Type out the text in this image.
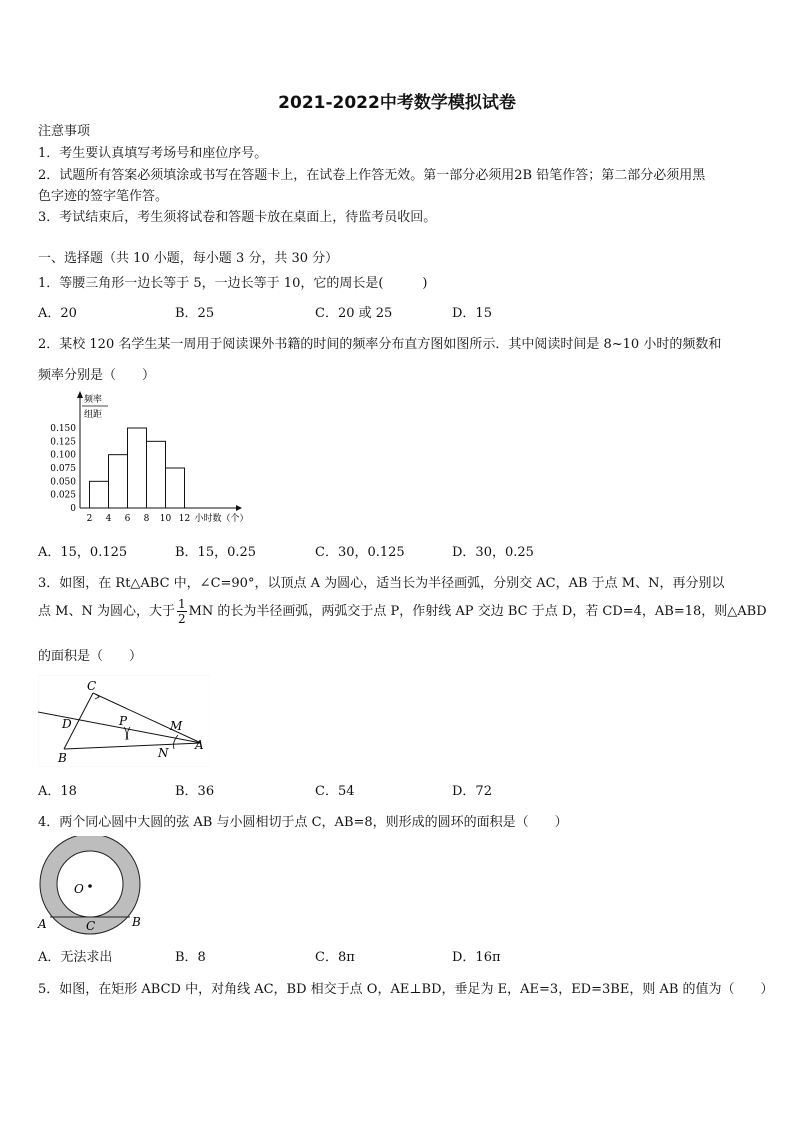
2021-2022中考数学模拟试卷
注意事项
1．考生要认真填写考场号和座位序号。
2．试题所有答案必须填涂或书写在答题卡上，在试卷上作答无效。第一部分必须用2B 铅笔作答；第二部分必须用黑
色字迹的签字笔作答。
3．考试结束后，考生须将试卷和答题卡放在桌面上，待监考员收回。
一、选择题（共 10 小题，每小题 3 分，共 30 分）
1．等腰三角形一边长等于 5，一边长等于 10，它的周长是(　　　)
A．20	B．25	C．20 或 25	D．15
2．某校 120 名学生某一周用于阅读课外书籍的时间的频率分布直方图如图所示．其中阅读时间是 8~10 小时的频数和
频率分别是（　　）
频率
组距
0
0.025
0.050
0.075
0.100
0.125
0.150
2 4 6 8 10 12 小时数（个）
A．15，0.125	B．15，0.25	C．30，0.125	D．30，0.25
3．如图，在 Rt△ABC 中，∠C=90°，以顶点 A 为圆心，适当长为半径画弧，分别交 AC，AB 于点 M、N，再分别以
点 M、N 为圆心，大于 $\frac{1}{2}$ MN 的长为半径画弧，两弧交于点 P，作射线 AP 交边 BC 于点 D，若 CD=4，AB=18，则△ABD
的面积是（　　）
C
D	P	M
A
B	N
A．18	B．36	C．54	D．72
4．两个同心圆中大圆的弦 AB 与小圆相切于点 C，AB=8，则形成的圆环的面积是（　　）
O
A	B
C
A．无法求出	B．8	C．8π	D．16π
5．如图，在矩形 ABCD 中，对角线 AC，BD 相交于点 O，AE⊥BD，垂足为 E，AE=3，ED=3BE，则 AB 的值为（　　）
